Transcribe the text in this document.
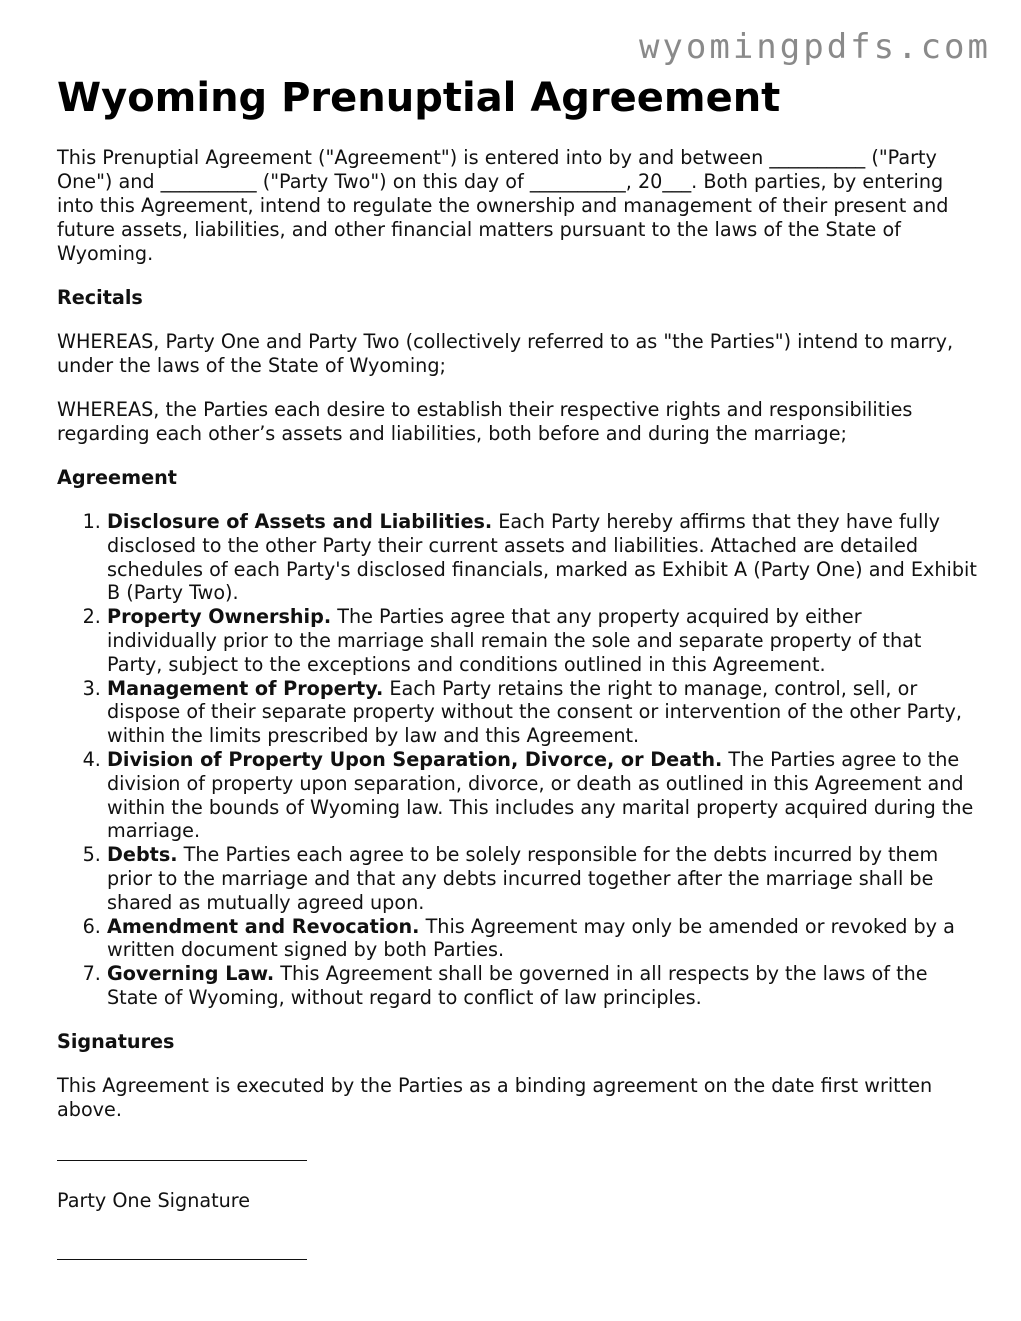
wyomingpdfs.com
Wyoming Prenuptial Agreement

This Prenuptial Agreement ("Agreement") is entered into by and between __________ ("Party One") and __________ ("Party Two") on this day of __________, 20___. Both parties, by entering into this Agreement, intend to regulate the ownership and management of their present and future assets, liabilities, and other financial matters pursuant to the laws of the State of Wyoming.

Recitals

WHEREAS, Party One and Party Two (collectively referred to as "the Parties") intend to marry, under the laws of the State of Wyoming;

WHEREAS, the Parties each desire to establish their respective rights and responsibilities regarding each other’s assets and liabilities, both before and during the marriage;

Agreement
1. Disclosure of Assets and Liabilities. Each Party hereby affirms that they have fully disclosed to the other Party their current assets and liabilities. Attached are detailed schedules of each Party's disclosed financials, marked as Exhibit A (Party One) and Exhibit B (Party Two).
2. Property Ownership. The Parties agree that any property acquired by either individually prior to the marriage shall remain the sole and separate property of that Party, subject to the exceptions and conditions outlined in this Agreement.
3. Management of Property. Each Party retains the right to manage, control, sell, or dispose of their separate property without the consent or intervention of the other Party, within the limits prescribed by law and this Agreement.
4. Division of Property Upon Separation, Divorce, or Death. The Parties agree to the division of property upon separation, divorce, or death as outlined in this Agreement and within the bounds of Wyoming law. This includes any marital property acquired during the marriage.
5. Debts. The Parties each agree to be solely responsible for the debts incurred by them prior to the marriage and that any debts incurred together after the marriage shall be shared as mutually agreed upon.
6. Amendment and Revocation. This Agreement may only be amended or revoked by a written document signed by both Parties.
7. Governing Law. This Agreement shall be governed in all respects by the laws of the State of Wyoming, without regard to conflict of law principles.
Signatures

This Agreement is executed by the Parties as a binding agreement on the date first written above.

Party One Signature
